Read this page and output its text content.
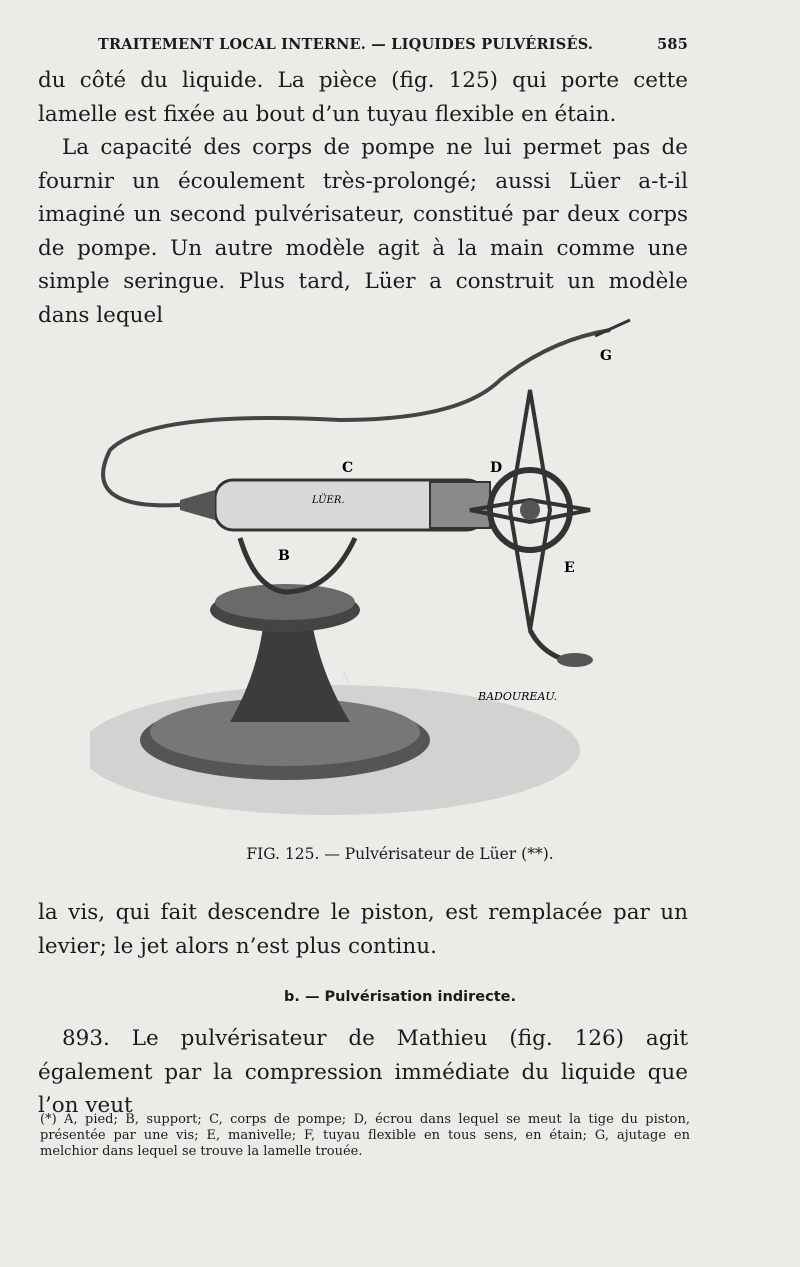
TRAITEMENT LOCAL INTERNE. — LIQUIDES PULVÉRISÉS.	585

du côté du liquide. La pièce (fig. 125) qui porte cette lamelle est fixée au bout d’un tuyau flexible en étain.

La capacité des corps de pompe ne lui permet pas de fournir un écoulement très-prolongé; aussi Lüer a-t-il imaginé un second pulvérisateur, constitué par deux corps de pompe. Un autre modèle agit à la main comme une simple seringue. Plus tard, Lüer a construit un modèle dans lequel

C	D
B
A
E
G
LÜER.
BADOUREAU.
FIG. 125. — Pulvérisateur de Lüer (**).

la vis, qui fait descendre le piston, est remplacée par un levier; le jet alors n’est plus continu.

b. — Pulvérisation indirecte.

893. Le pulvérisateur de Mathieu (fig. 126) agit également par la compression immédiate du liquide que l’on veut

(*) A, pied; B, support; C, corps de pompe; D, écrou dans lequel se meut la tige du piston, présentée par une vis; E, manivelle; F, tuyau flexible en tous sens, en étain; G, ajutage en melchior dans lequel se trouve la lamelle trouée.
